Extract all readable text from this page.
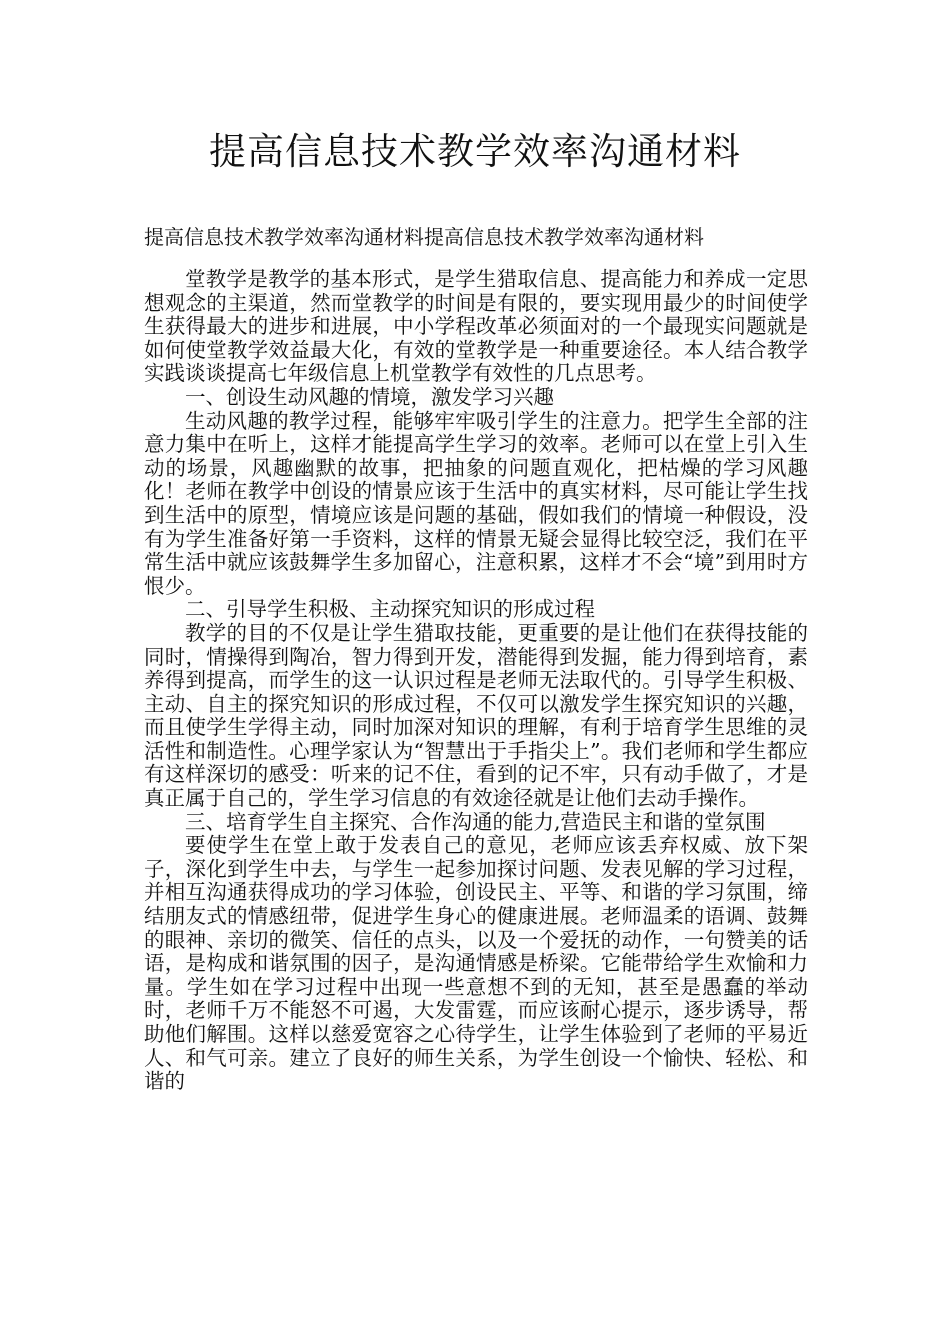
提高信息技术教学效率沟通材料
提高信息技术教学效率沟通材料提高信息技术教学效率沟通材料

堂教学是教学的基本形式，是学生猎取信息、提高能力和养成一定思想观念的主渠道，然而堂教学的时间是有限的，要实现用最少的时间使学生获得最大的进步和进展，中小学程改革必须面对的一个最现实问题就是如何使堂教学效益最大化，有效的堂教学是一种重要途径。本人结合教学实践谈谈提高七年级信息上机堂教学有效性的几点思考。

一、创设生动风趣的情境，激发学习兴趣

生动风趣的教学过程，能够牢牢吸引学生的注意力。把学生全部的注意力集中在听上，这样才能提高学生学习的效率。老师可以在堂上引入生动的场景，风趣幽默的故事，把抽象的问题直观化，把枯燥的学习风趣化！老师在教学中创设的情景应该于生活中的真实材料，尽可能让学生找到生活中的原型，情境应该是问题的基础，假如我们的情境一种假设，没有为学生准备好第一手资料，这样的情景无疑会显得比较空泛，我们在平常生活中就应该鼓舞学生多加留心，注意积累，这样才不会“境”到用时方恨少。

二、引导学生积极、主动探究知识的形成过程

教学的目的不仅是让学生猎取技能，更重要的是让他们在获得技能的同时，情操得到陶冶，智力得到开发，潜能得到发掘，能力得到培育，素养得到提高，而学生的这一认识过程是老师无法取代的。引导学生积极、主动、自主的探究知识的形成过程，不仅可以激发学生探究知识的兴趣，而且使学生学得主动，同时加深对知识的理解，有利于培育学生思维的灵活性和制造性。心理学家认为“智慧出于手指尖上”。我们老师和学生都应有这样深切的感受：听来的记不住，看到的记不牢，只有动手做了，才是真正属于自己的，学生学习信息的有效途径就是让他们去动手操作。

三、培育学生自主探究、合作沟通的能力,营造民主和谐的堂氛围

要使学生在堂上敢于发表自己的意见，老师应该丢弃权威、放下架子，深化到学生中去，与学生一起参加探讨问题、发表见解的学习过程，并相互沟通获得成功的学习体验，创设民主、平等、和谐的学习氛围，缔结朋友式的情感纽带，促进学生身心的健康进展。老师温柔的语调、鼓舞的眼神、亲切的微笑、信任的点头，以及一个爱抚的动作，一句赞美的话语，是构成和谐氛围的因子，是沟通情感是桥梁。它能带给学生欢愉和力量。学生如在学习过程中出现一些意想不到的无知，甚至是愚蠢的举动时，老师千万不能怒不可遏，大发雷霆，而应该耐心提示，逐步诱导，帮助他们解围。这样以慈爱宽容之心待学生，让学生体验到了老师的平易近人、和气可亲。建立了良好的师生关系，为学生创设一个愉快、轻松、和谐的
